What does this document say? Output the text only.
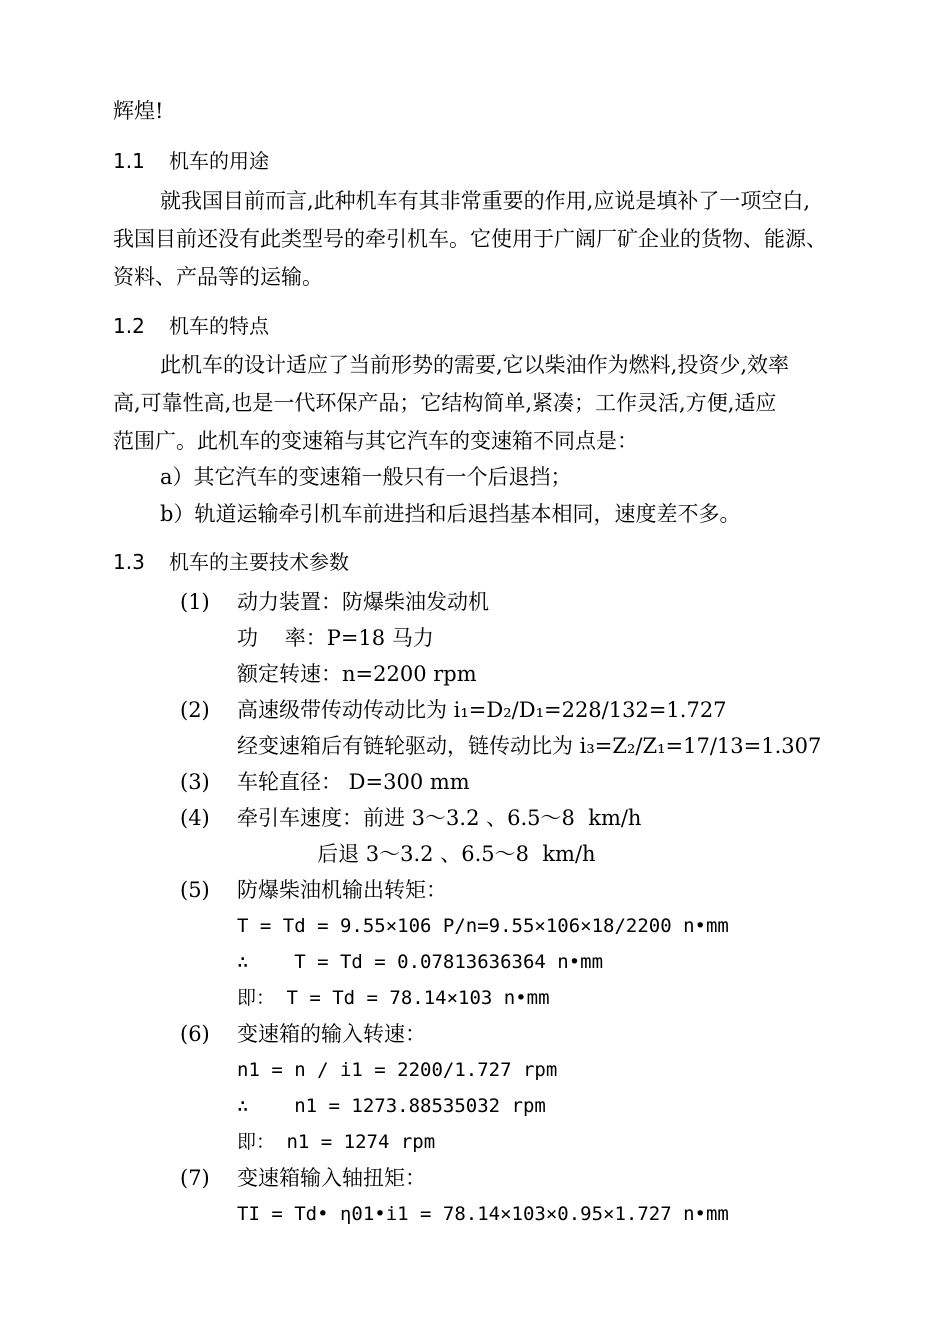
辉煌!
1.1 机车的用途
就我国目前而言,此种机车有其非常重要的作用,应说是填补了一项空白,
我国目前还没有此类型号的牵引机车。它使用于广阔厂矿企业的货物、能源、
资料、产品等的运输。
1.2 机车的特点
此机车的设计适应了当前形势的需要,它以柴油作为燃料,投资少,效率
高,可靠性高,也是一代环保产品；它结构简单,紧凑；工作灵活,方便,适应
范围广。此机车的变速箱与其它汽车的变速箱不同点是：
a）其它汽车的变速箱一般只有一个后退挡；
b）轨道运输牵引机车前进挡和后退挡基本相同，速度差不多。
1.3 机车的主要技术参数
(1) 动力装置：防爆柴油发动机
功    率：P=18 马力
额定转速：n=2200 rpm
(2) 高速级带传动传动比为 i₁=D₂/D₁=228/132=1.727
经变速箱后有链轮驱动，链传动比为 i₃=Z₂/Z₁=17/13=1.307
(3) 车轮直径： D=300 mm
(4) 牵引车速度：前进 3～3.2 、6.5～8  km/h
后退 3～3.2 、6.5～8  km/h
(5) 防爆柴油机输出转矩：
T = Td = 9.55×106 P/n=9.55×106×18/2200 n•mm
∴    T = Td = 0.07813636364 n•mm
即： T = Td = 78.14×103 n•mm
(6) 变速箱的输入转速：
n1 = n / i1 = 2200/1.727 rpm
∴    n1 = 1273.88535032 rpm
即： n1 = 1274 rpm
(7) 变速箱输入轴扭矩：
TI = Td• η01•i1 = 78.14×103×0.95×1.727 n•mm
